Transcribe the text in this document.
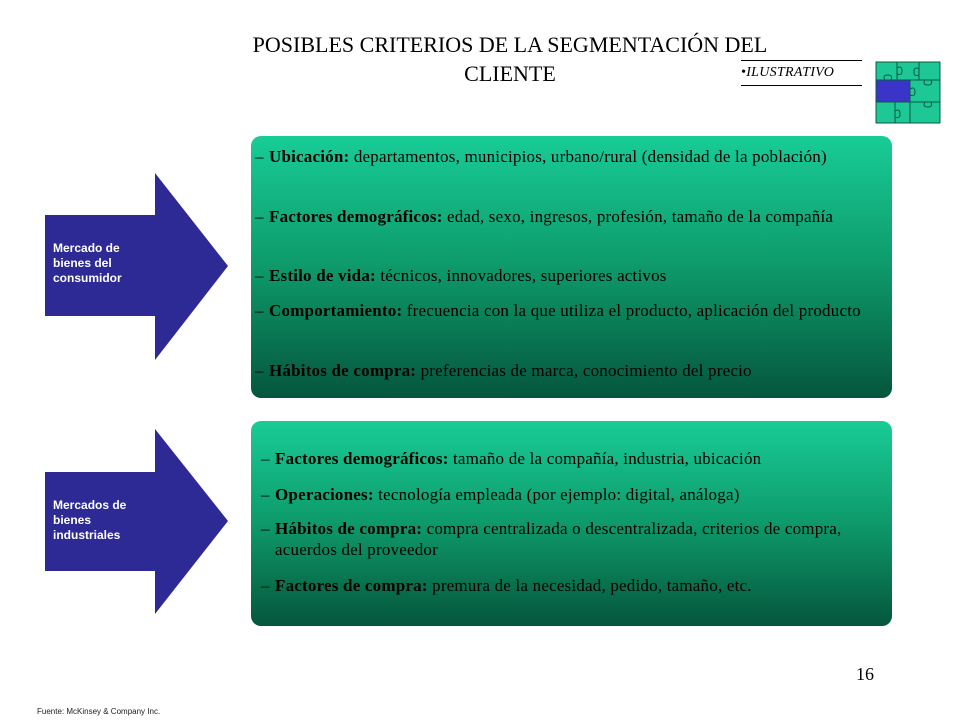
POSIBLES CRITERIOS DE LA SEGMENTACIÓN DEL
CLIENTE	•ILUSTRATIVO
Mercado de bienes del consumidor
– Ubicación: departamentos, municipios, urbano/rural (densidad de la población)
– Factores demográficos: edad, sexo, ingresos, profesión, tamaño de la compañía
– Estilo de vida: técnicos, innovadores, superiores activos
– Comportamiento: frecuencia con la que utiliza el producto, aplicación del producto
– Hábitos de compra: preferencias de marca, conocimiento del precio
Mercados de bienes industriales
– Factores demográficos: tamaño de la compañía, industria, ubicación
– Operaciones: tecnología empleada (por ejemplo: digital, análoga)
– Hábitos de compra: compra centralizada o descentralizada, criterios de compra, acuerdos del proveedor
– Factores de compra: premura de la necesidad, pedido, tamaño, etc.
16
Fuente: McKinsey & Company Inc.
